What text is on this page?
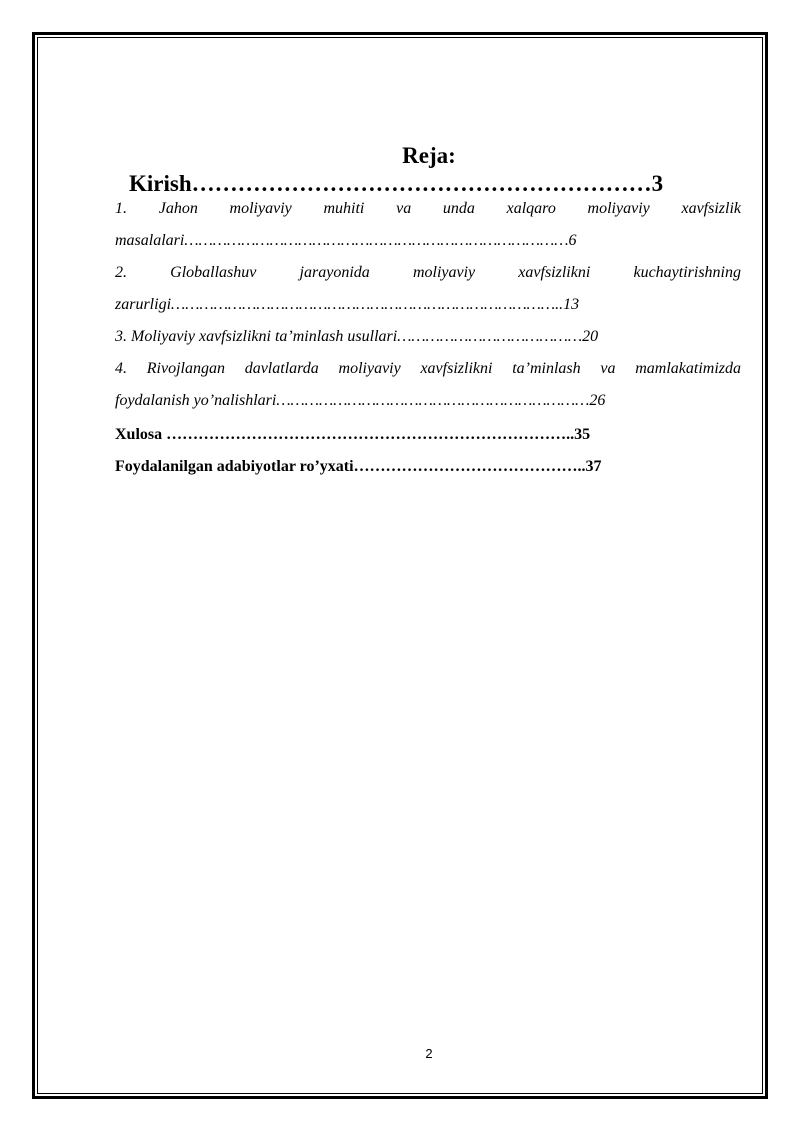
Reja:
Kirish……………………………………………………3
1. Jahon moliyaviy muhiti va unda xalqaro moliyaviy xavfsizlik
masalalari………………………………………………………………………6
2. Globallashuv jarayonida moliyaviy xavfsizlikni kuchaytirishning
zarurligi………………………………………………………………………..13
3. Moliyaviy xavfsizlikni ta’minlash usullari…………………………………20
4. Rivojlangan davlatlarda moliyaviy xavfsizlikni ta’minlash va mamlakatimizda
foydalanish yo’nalishlari…………………………………………………………26
Xulosa …………………………………………………………………..35
Foydalanilgan adabiyotlar ro’yxati……………………………………..37
2
